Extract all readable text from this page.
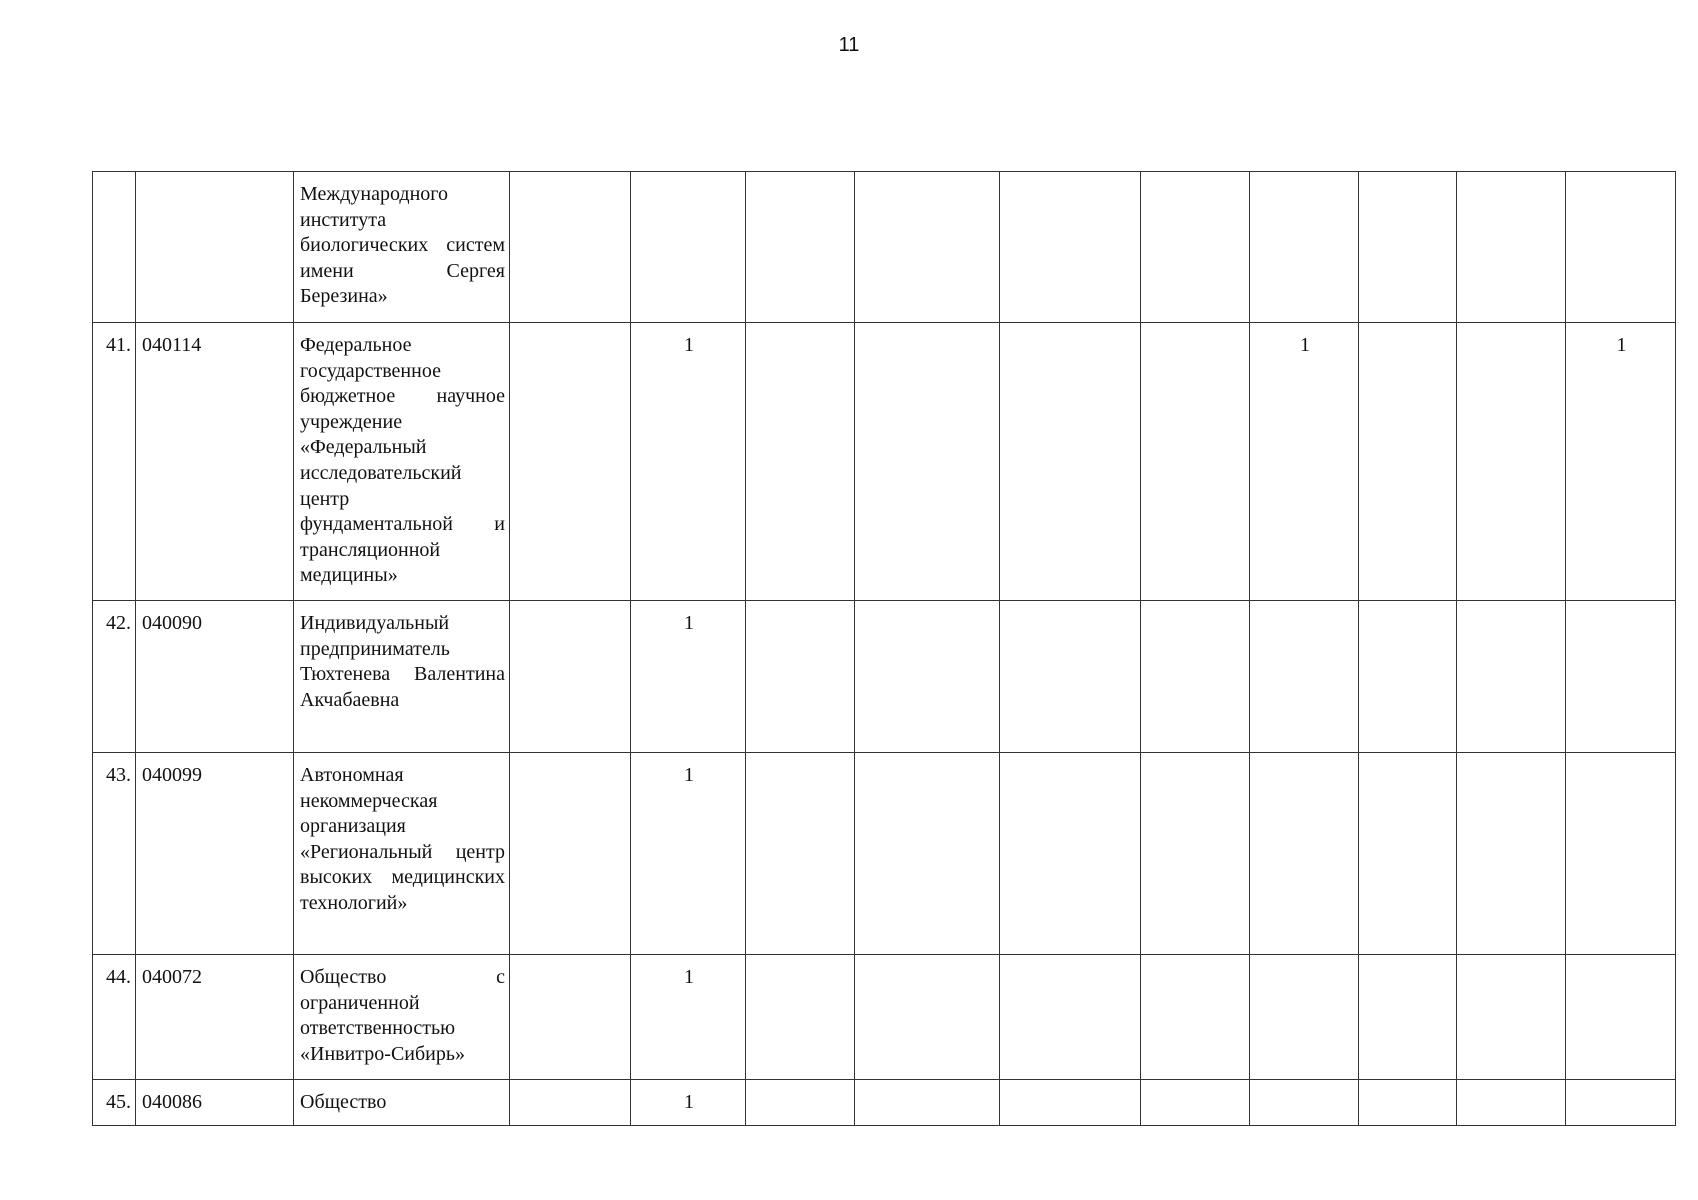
11
		Международного института биологических систем имени Сергея Березина»										
41.	040114	Федеральное государственное бюджетное научное учреждение «Федеральный исследовательский центр фундаментальной и трансляционной медицины»		1					1			1
42.	040090	Индивидуальный предприниматель Тюхтенева Валентина Акчабаевна		1								
43.	040099	Автономная некоммерческая организация «Региональный центр высоких медицинских технологий»		1								
44.	040072	Общество с ограниченной ответственностью «Инвитро-Сибирь»		1								
45.	040086	Общество		1								
